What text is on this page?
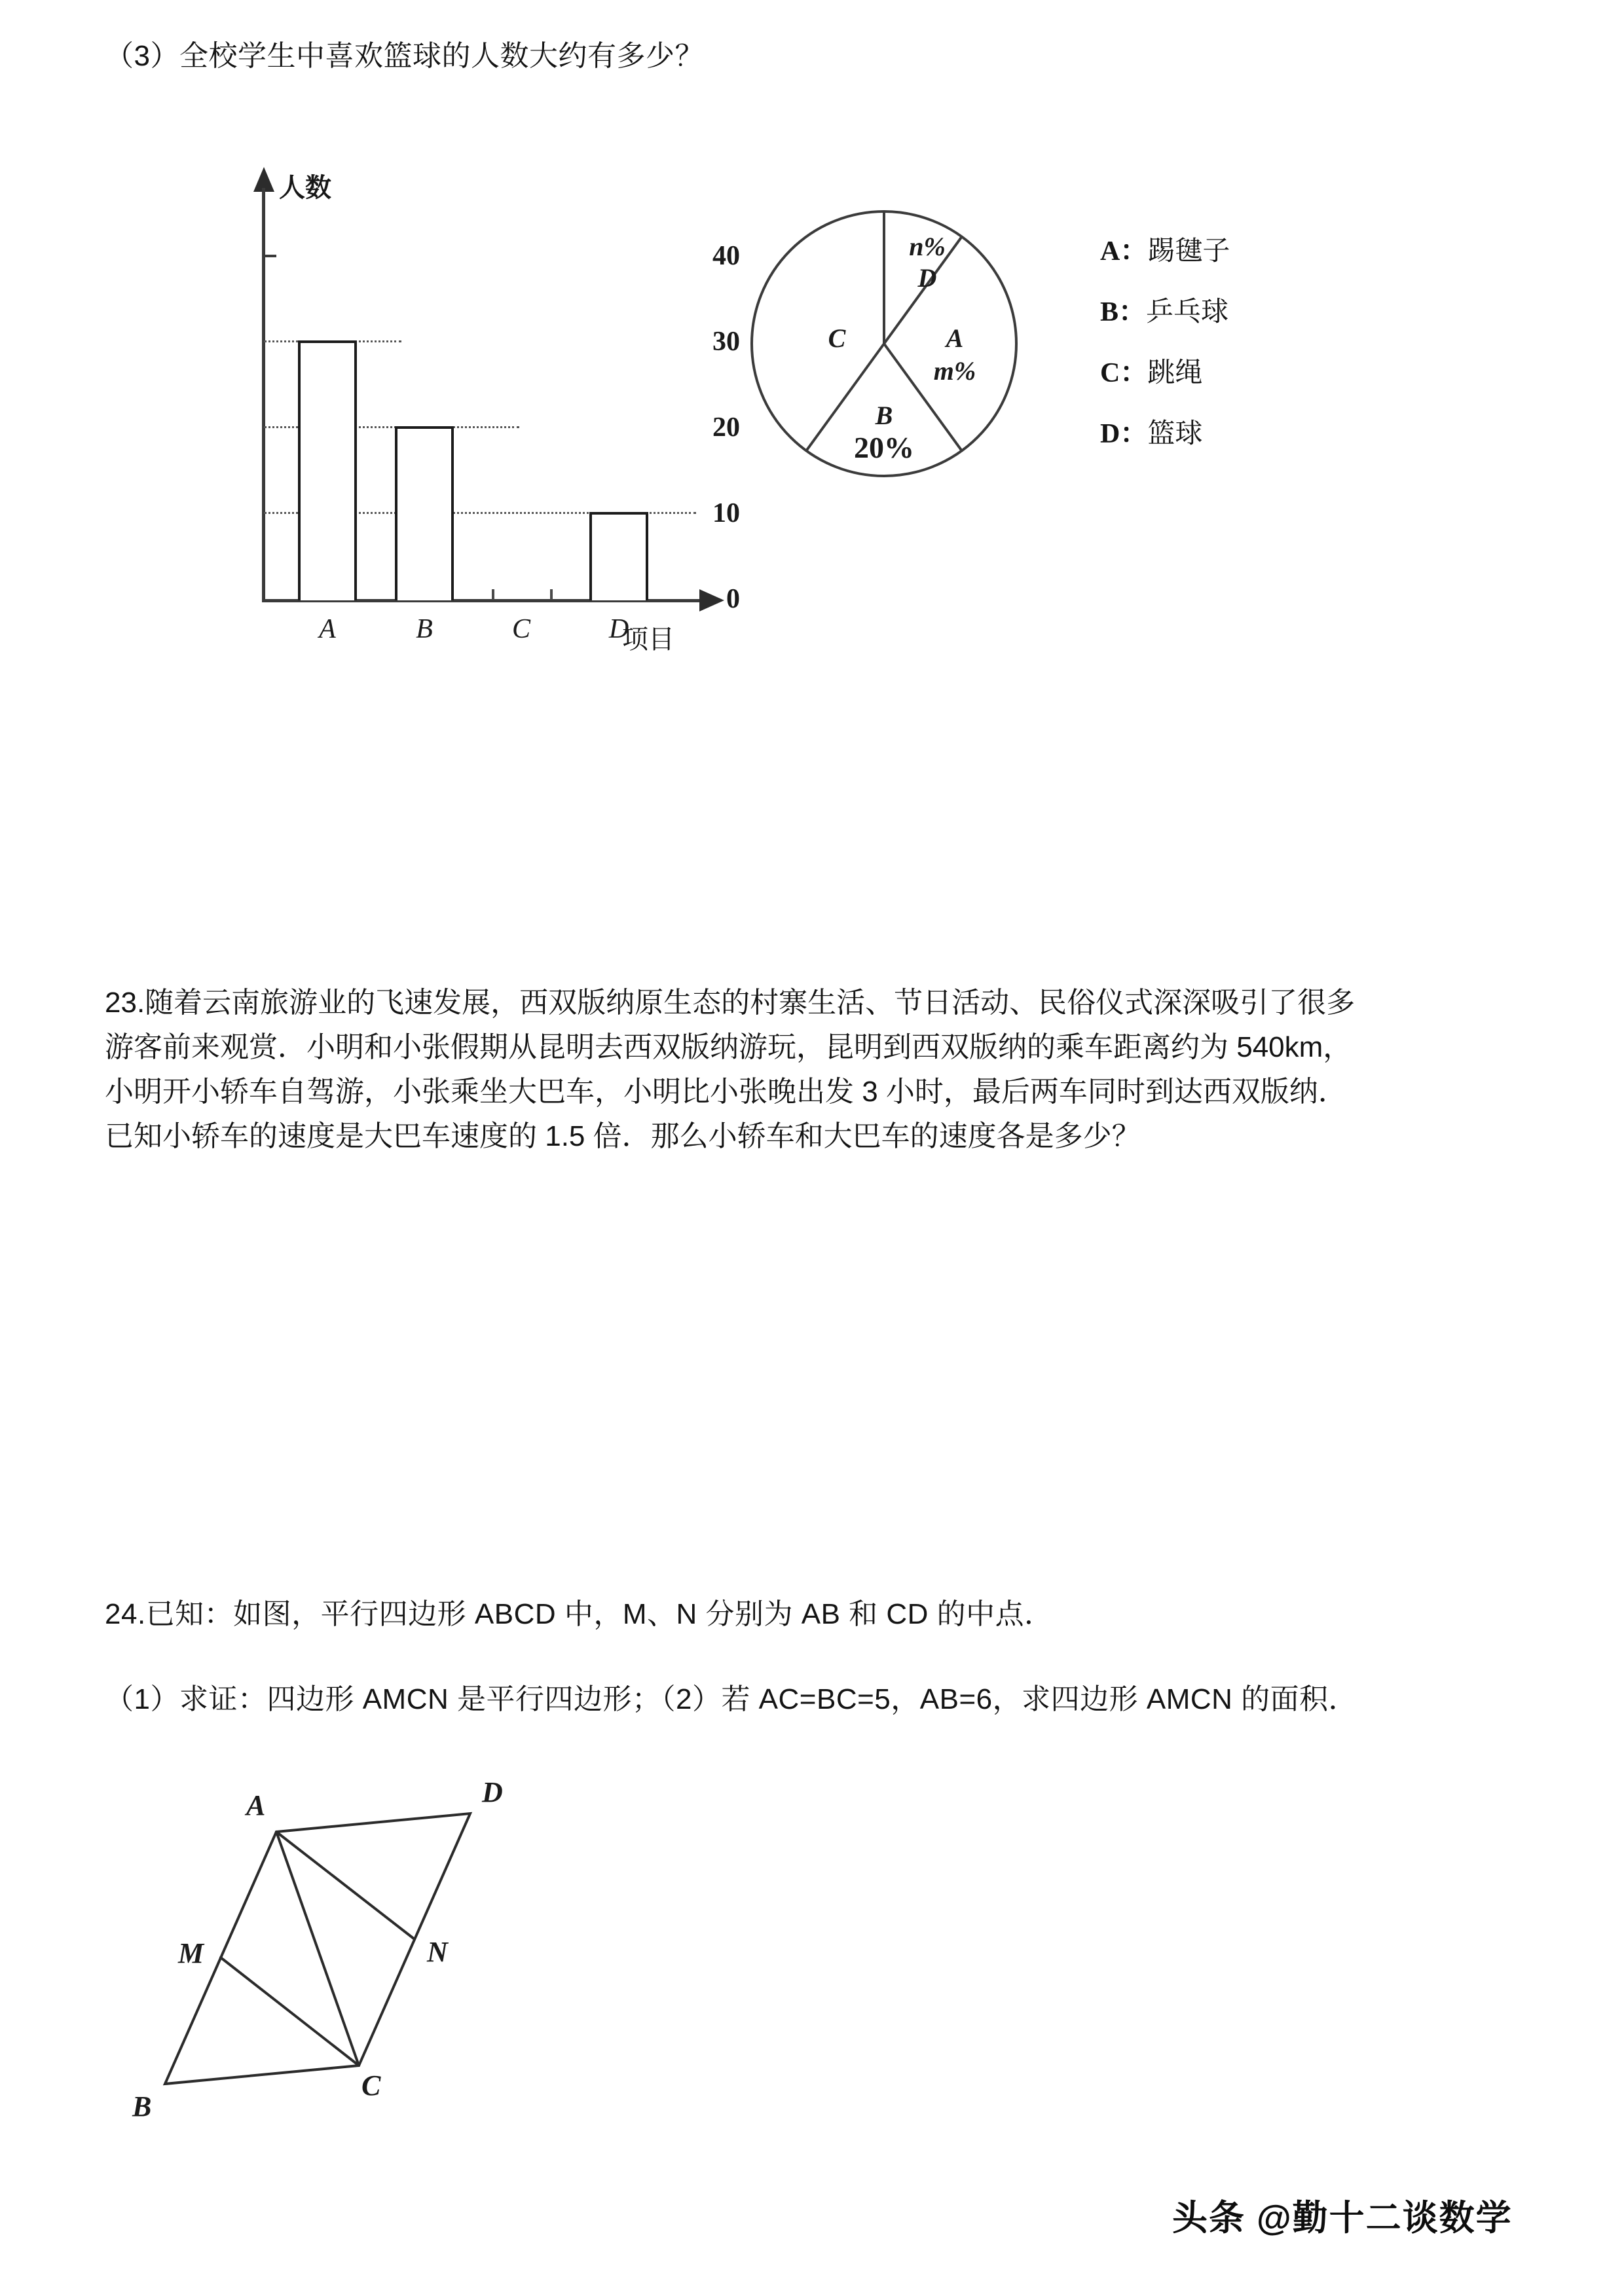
（3）全校学生中喜欢篮球的人数大约有多少？
人数
项目
0
10
20
30
40
A	B	C	D
n%
D
A
m%
B
20%
C
A：踢毽子
B：乒乓球
C：跳绳
D：篮球
23.随着云南旅游业的飞速发展，西双版纳原生态的村寨生活、节日活动、民俗仪式深深吸引了很多
游客前来观赏．小明和小张假期从昆明去西双版纳游玩，昆明到西双版纳的乘车距离约为 540km，
小明开小轿车自驾游，小张乘坐大巴车，小明比小张晚出发 3 小时，最后两车同时到达西双版纳．
已知小轿车的速度是大巴车速度的 1.5 倍．那么小轿车和大巴车的速度各是多少？
24.已知：如图，平行四边形 ABCD 中，M、N 分别为 AB 和 CD 的中点．
（1）求证：四边形 AMCN 是平行四边形；（2）若 AC=BC=5，AB=6，求四边形 AMCN 的面积．
A	D
M	N
B
C
头条 @勤十二谈数学
